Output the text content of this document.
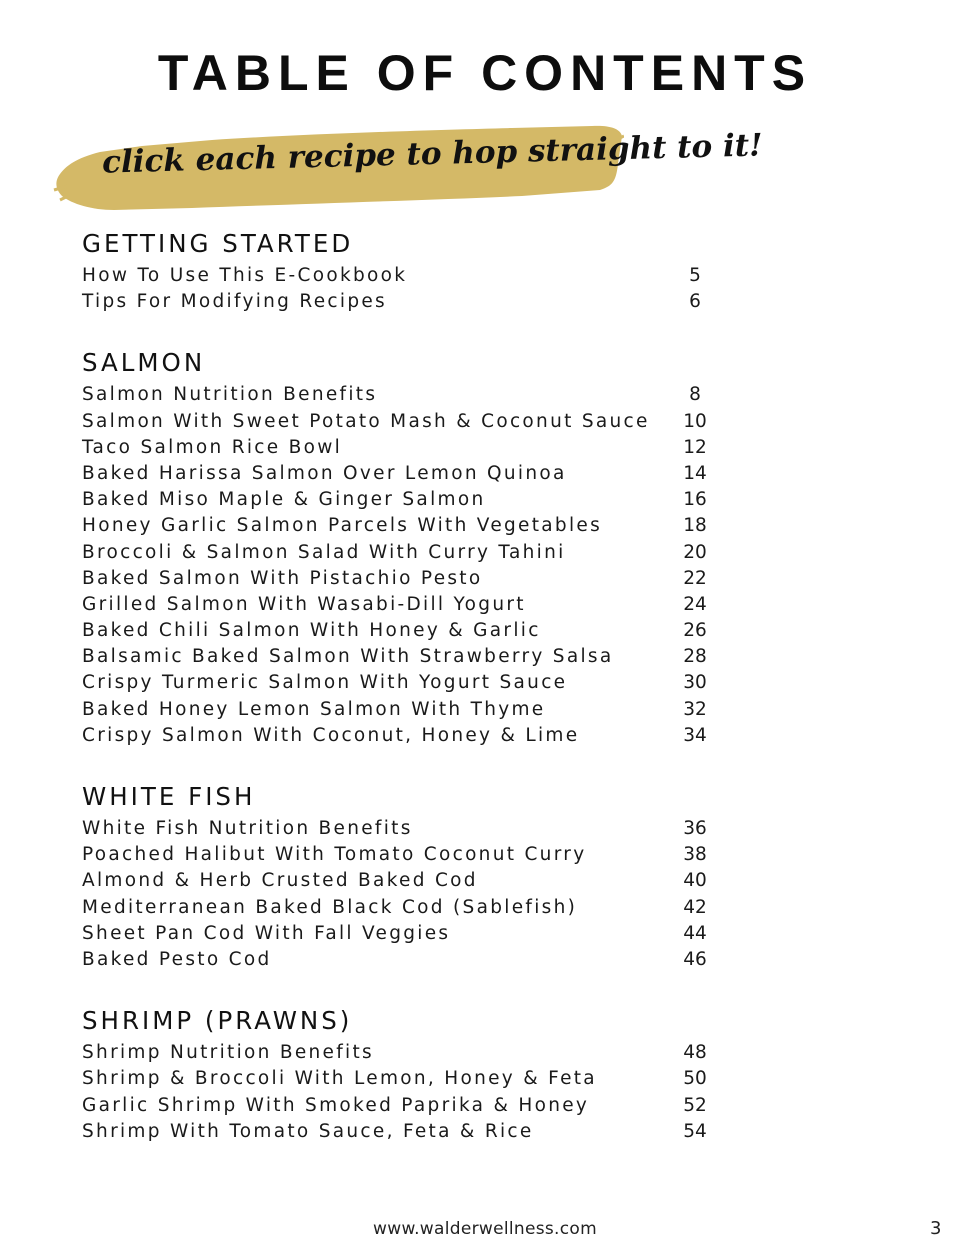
TABLE OF CONTENTS
click each recipe to hop straight to it!
GETTING STARTED
How To Use This E-Cookbook	5
Tips For Modifying Recipes	6
SALMON
Salmon Nutrition Benefits	8
Salmon With Sweet Potato Mash & Coconut Sauce	10
Taco Salmon Rice Bowl	12
Baked Harissa Salmon Over Lemon Quinoa	14
Baked Miso Maple & Ginger Salmon	16
Honey Garlic Salmon Parcels With Vegetables	18
Broccoli & Salmon Salad With Curry Tahini	20
Baked Salmon With Pistachio Pesto	22
Grilled Salmon With Wasabi-Dill Yogurt	24
Baked Chili Salmon With Honey & Garlic	26
Balsamic Baked Salmon With Strawberry Salsa	28
Crispy Turmeric Salmon With Yogurt Sauce	30
Baked Honey Lemon Salmon With Thyme	32
Crispy Salmon With Coconut, Honey & Lime	34
WHITE FISH
White Fish Nutrition Benefits	36
Poached Halibut With Tomato Coconut Curry	38
Almond & Herb Crusted Baked Cod	40
Mediterranean Baked Black Cod (Sablefish)	42
Sheet Pan Cod With Fall Veggies	44
Baked Pesto Cod	46
SHRIMP (PRAWNS)
Shrimp Nutrition Benefits	48
Shrimp & Broccoli With Lemon, Honey & Feta	50
Garlic Shrimp With Smoked Paprika & Honey	52
Shrimp With Tomato Sauce, Feta & Rice	54
www.walderwellness.com	3
